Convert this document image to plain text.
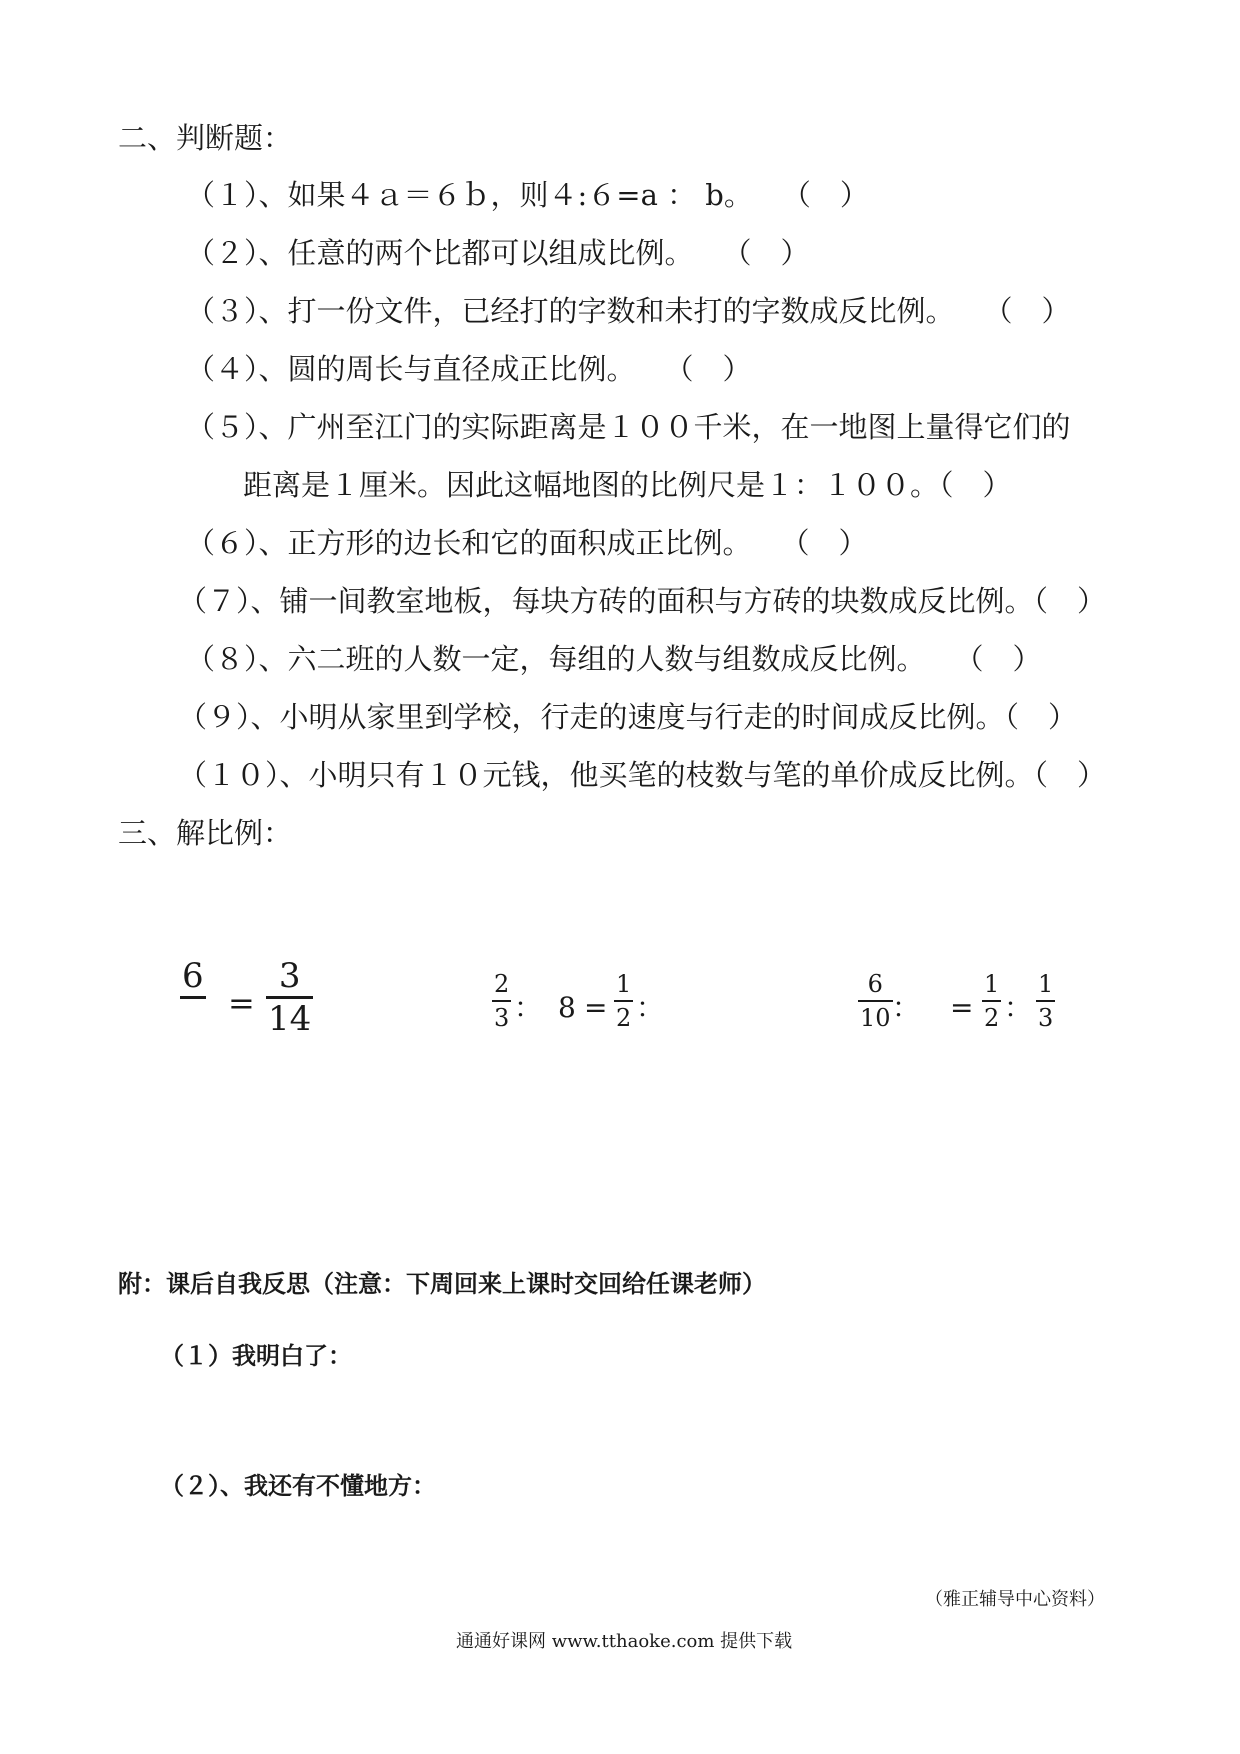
二、判断题：
（１）、如果４ａ＝６ｂ，则４:６=a ： b。　　（　）
（２）、任意的两个比都可以组成比例。　　（　）
（３）、打一份文件，已经打的字数和未打的字数成反比例。　　（　）
（４）、圆的周长与直径成正比例。　　（　）
（５）、广州至江门的实际距离是１００千米，在一地图上量得它们的
距离是１厘米。因此这幅地图的比例尺是１：１００。（　）
（６）、正方形的边长和它的面积成正比例。　　（　）
（７）、铺一间教室地板，每块方砖的面积与方砖的块数成反比例。（　）
（８）、六二班的人数一定，每组的人数与组数成反比例。　　（　）
（９）、小明从家里到学校，行走的速度与行走的时间成反比例。（　）
（１０）、小明只有１０元钱，他买笔的枝数与笔的单价成反比例。（　）
三、解比例：
6
=
3
14
2
3 ： 8 =
1
2 ：
6
10 ： =
1
2 ：
1
3
附：课后自我反思（注意：下周回来上课时交回给任课老师）
（１）我明白了：
（２）、我还有不懂地方：
（雅正辅导中心资料）
通通好课网 www.tthaoke.com 提供下载
